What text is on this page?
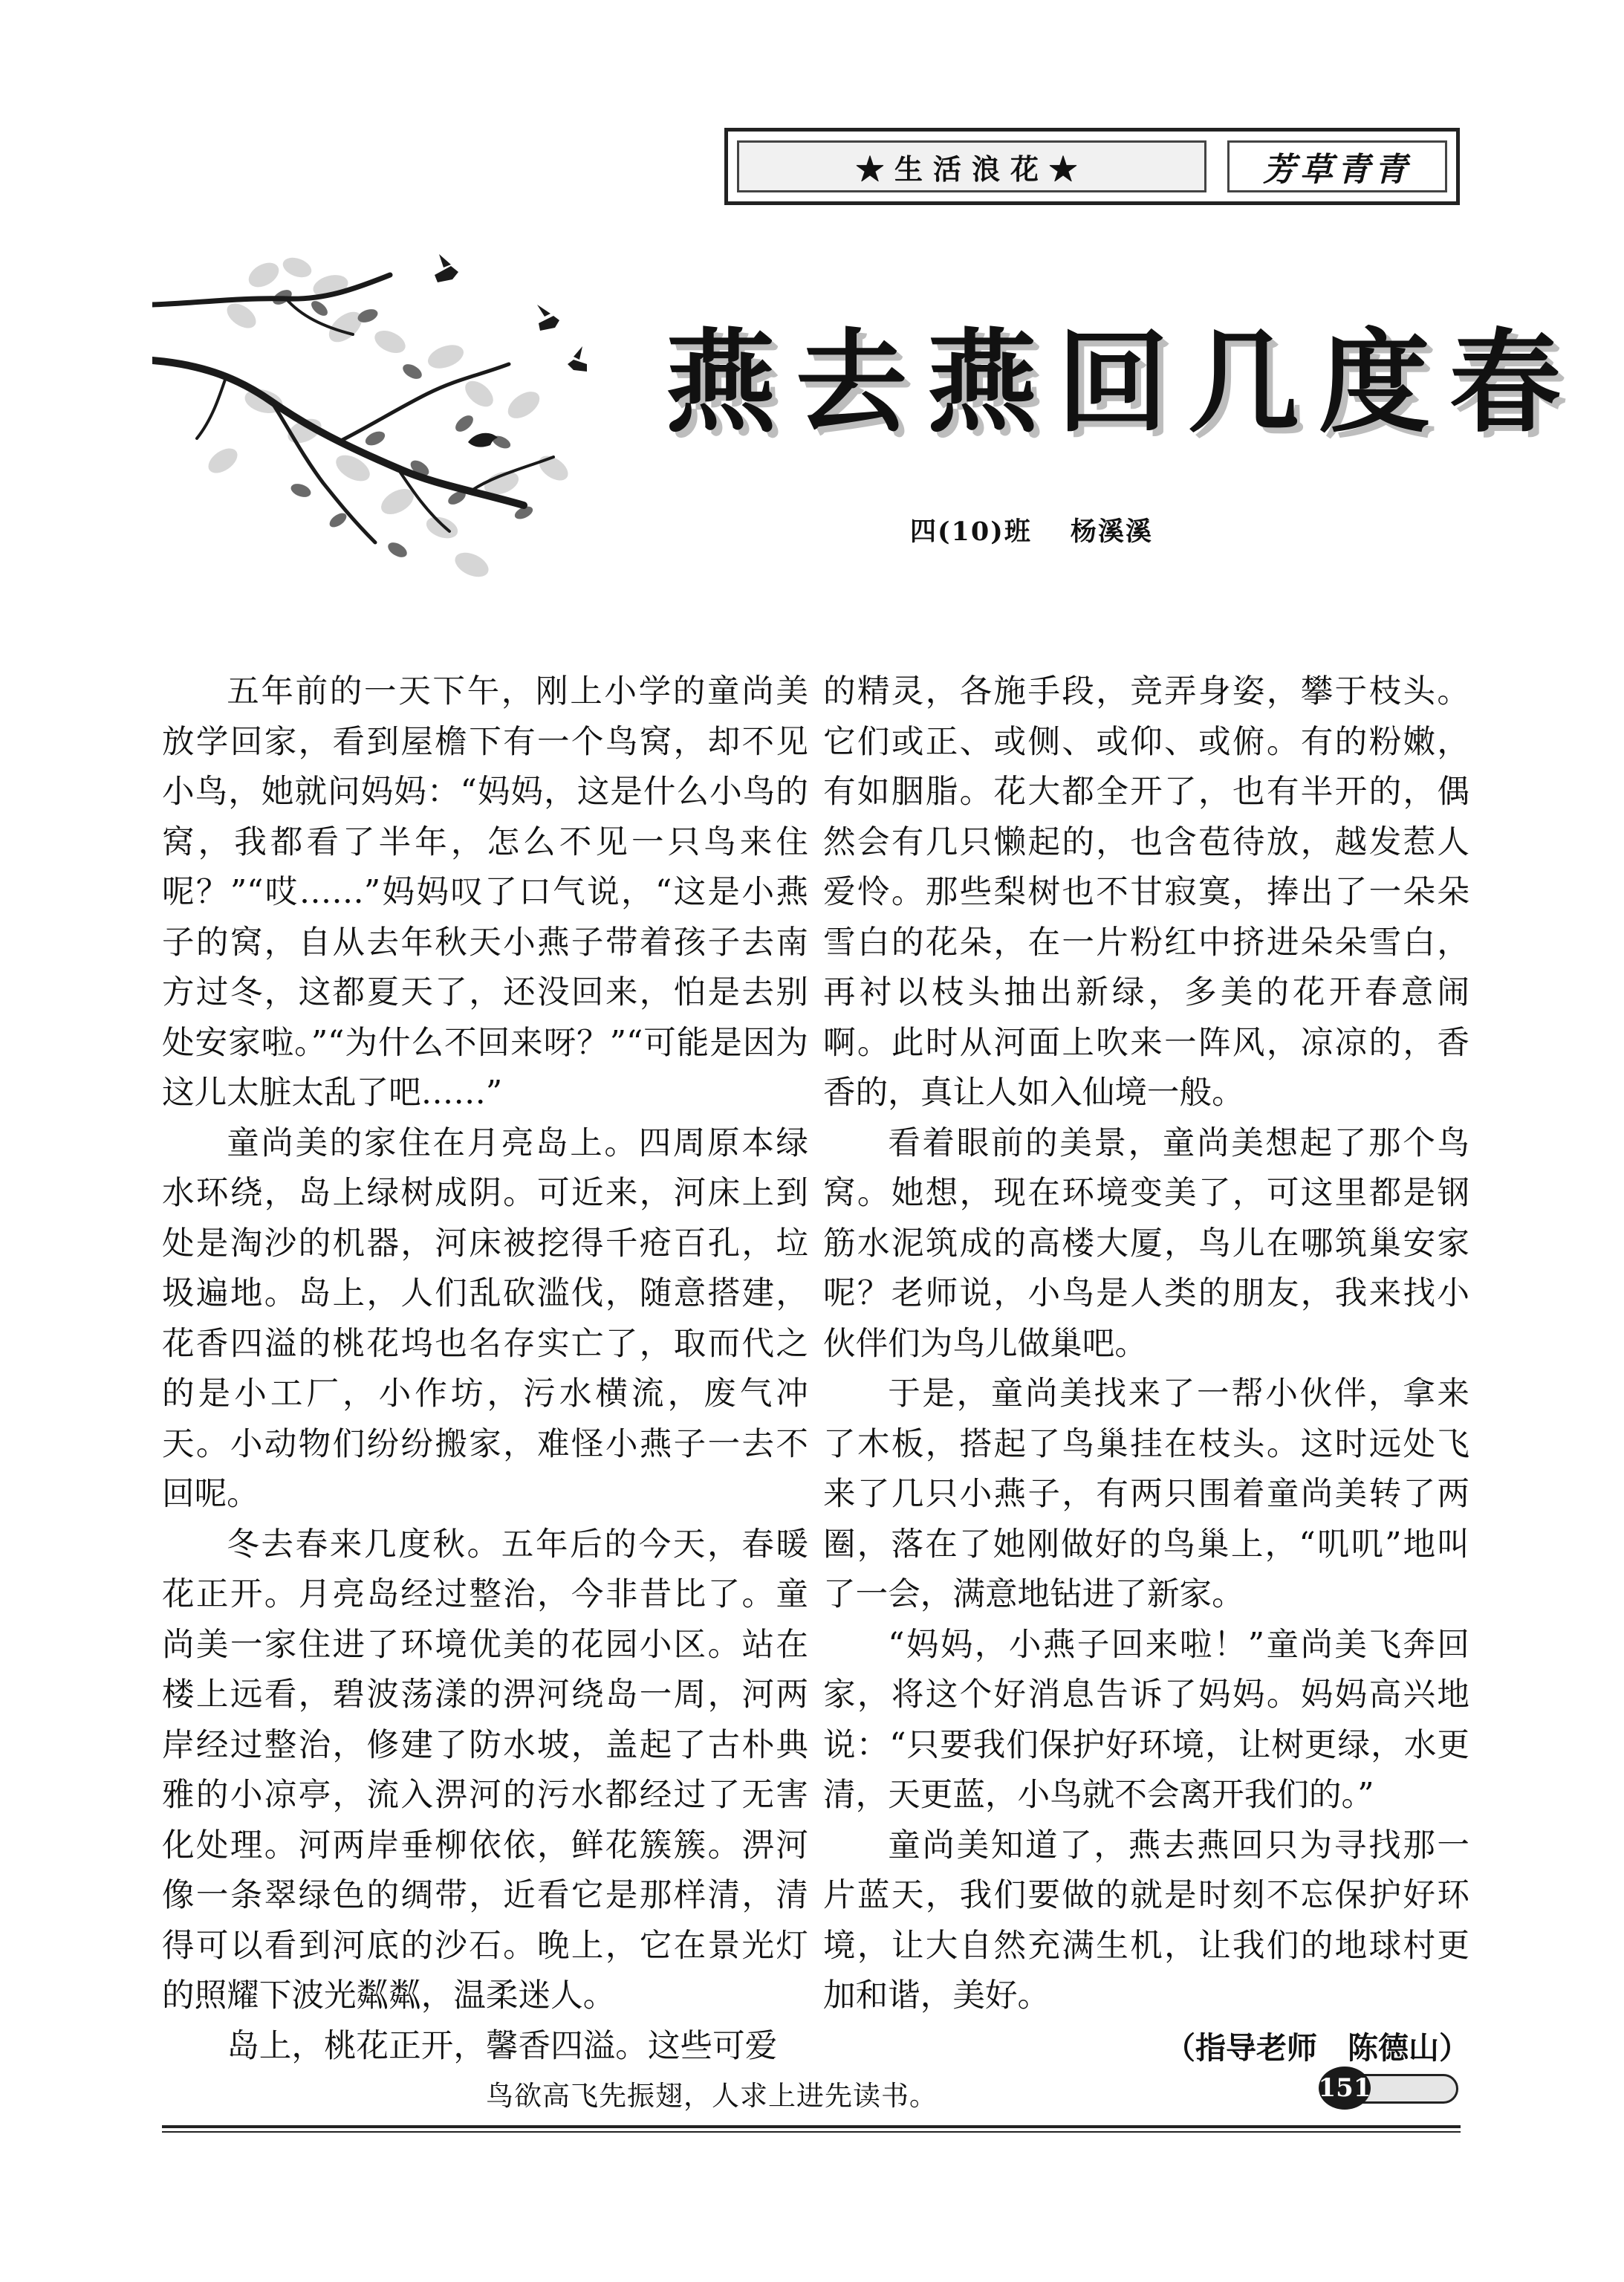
★生活浪花★	芳草青青
燕去燕回几度春
四(10)班 杨溪溪

五年前的一天下午，刚上小学的童尚美放学回家，看到屋檐下有一个鸟窝，却不见小鸟，她就问妈妈：“妈妈，这是什么小鸟的窝，我都看了半年，怎么不见一只鸟来住呢？”“哎……”妈妈叹了口气说，“这是小燕子的窝，自从去年秋天小燕子带着孩子去南方过冬，这都夏天了，还没回来，怕是去别处安家啦。”“为什么不回来呀？”“可能是因为这儿太脏太乱了吧……”

童尚美的家住在月亮岛上。四周原本绿水环绕，岛上绿树成阴。可近来，河床上到处是淘沙的机器，河床被挖得千疮百孔，垃圾遍地。岛上，人们乱砍滥伐，随意搭建，花香四溢的桃花坞也名存实亡了，取而代之的是小工厂，小作坊，污水横流，废气冲天。小动物们纷纷搬家，难怪小燕子一去不回呢。

冬去春来几度秋。五年后的今天，春暖花正开。月亮岛经过整治，今非昔比了。童尚美一家住进了环境优美的花园小区。站在楼上远看，碧波荡漾的淠河绕岛一周，河两岸经过整治，修建了防水坡，盖起了古朴典雅的小凉亭，流入淠河的污水都经过了无害化处理。河两岸垂柳依依，鲜花簇簇。淠河像一条翠绿色的绸带，近看它是那样清，清得可以看到河底的沙石。晚上，它在景光灯的照耀下波光粼粼，温柔迷人。

岛上，桃花正开，馨香四溢。这些可爱

的精灵，各施手段，竞弄身姿，攀于枝头。它们或正、或侧、或仰、或俯。有的粉嫩，有如胭脂。花大都全开了，也有半开的，偶然会有几只懒起的，也含苞待放，越发惹人爱怜。那些梨树也不甘寂寞，捧出了一朵朵雪白的花朵，在一片粉红中挤进朵朵雪白，再衬以枝头抽出新绿，多美的花开春意闹啊。此时从河面上吹来一阵风，凉凉的，香香的，真让人如入仙境一般。

看着眼前的美景，童尚美想起了那个鸟窝。她想，现在环境变美了，可这里都是钢筋水泥筑成的高楼大厦，鸟儿在哪筑巢安家呢？老师说，小鸟是人类的朋友，我来找小伙伴们为鸟儿做巢吧。

于是，童尚美找来了一帮小伙伴，拿来了木板，搭起了鸟巢挂在枝头。这时远处飞来了几只小燕子，有两只围着童尚美转了两圈，落在了她刚做好的鸟巢上，“叽叽”地叫了一会，满意地钻进了新家。

“妈妈，小燕子回来啦！”童尚美飞奔回家，将这个好消息告诉了妈妈。妈妈高兴地说：“只要我们保护好环境，让树更绿，水更清，天更蓝，小鸟就不会离开我们的。”

童尚美知道了，燕去燕回只为寻找那一片蓝天，我们要做的就是时刻不忘保护好环境，让大自然充满生机，让我们的地球村更加和谐，美好。

（指导老师　陈德山）

鸟欲高飞先振翅，人求上进先读书。	151
